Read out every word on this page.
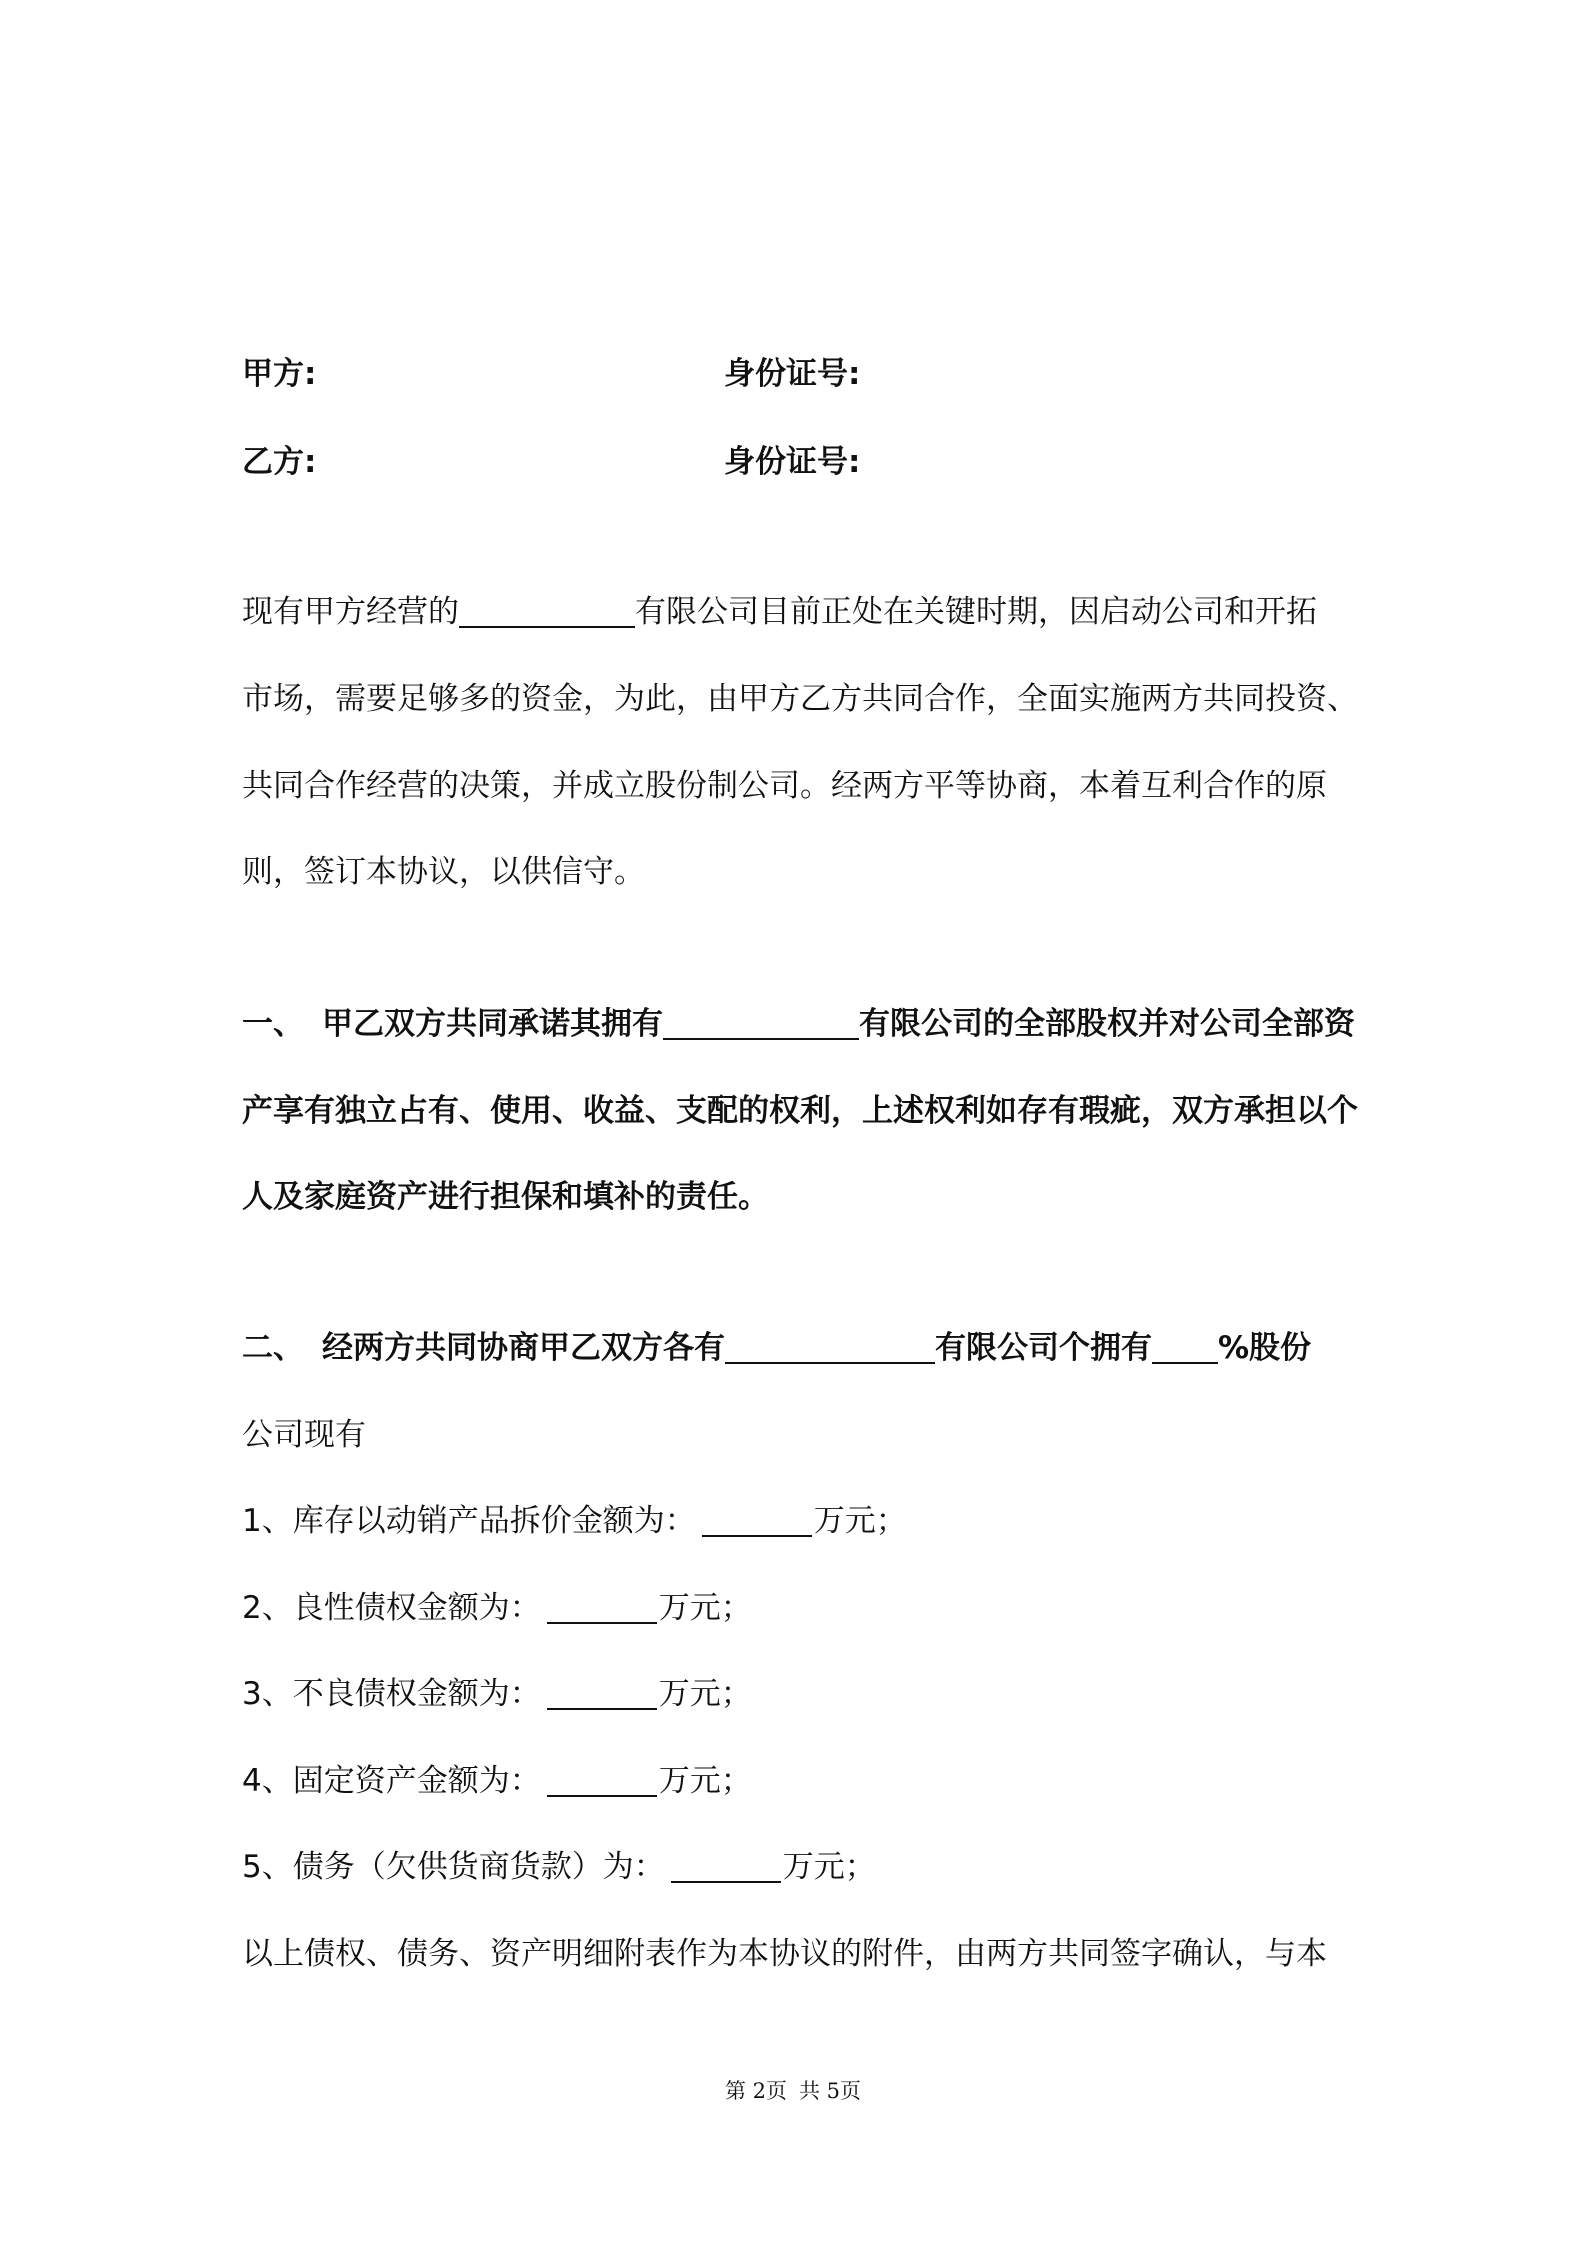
甲方:	身份证号:
乙方:	身份证号:
现有甲方经营的	有限公司目前正处在关键时期，因启动公司和开拓
市场，需要足够多的资金，为此，由甲方乙方共同合作，全面实施两方共同投资、
共同合作经营的决策，并成立股份制公司。经两方平等协商，本着互利合作的原
则，签订本协议，以供信守。
一、 甲乙双方共同承诺其拥有	有限公司的全部股权并对公司全部资
产享有独立占有、使用、收益、支配的权利，上述权利如存有瑕疵，双方承担以个
人及家庭资产进行担保和填补的责任。
二、 经两方共同协商甲乙双方各有	有限公司个拥有 %股份
公司现有
1、库存以动销产品拆价金额为：	万元；
2、良性债权金额为：	万元；
3、不良债权金额为：	万元；
4、固定资产金额为：	万元；
5、债务（欠供货商货款）为：	万元；
以上债权、债务、资产明细附表作为本协议的附件，由两方共同签字确认，与本
第 2页 共 5页
